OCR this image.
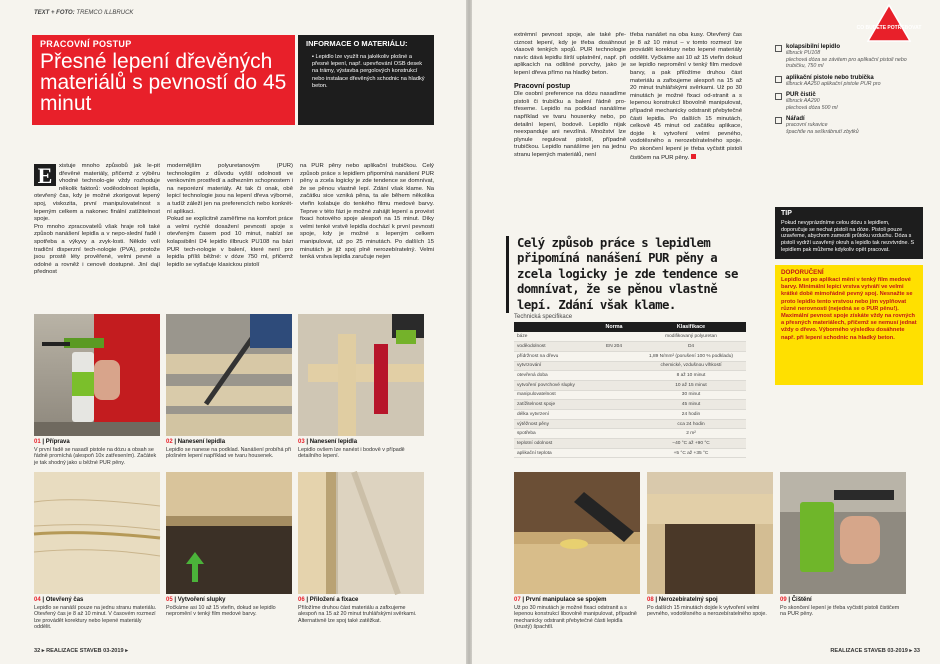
TEXT + FOTO: TREMCO ILLBRUCK
PRACOVNÍ POSTUP
Přesné lepení dřevěných materiálů s pevností do 45 minut
INFORMACE O MATERIÁLU:
▪ Lepidlo lze využít na jakékoliv plošné a přesné lepení, např. upevňování OSB desek na trámy, výstavba pergolových konstrukcí nebo instalace dřevěných schodnic na hladký beton.
E	xistuje mnoho způsobů jak le-pit dřevěné materiály, přičemž z výběru vhodné technolo-gie vždy rozhoduje několik faktorů: voděodolnost lepidla, otevřený čas, kdy je možné zkorigovat lepený spoj, viskozita, první manipulovatelnost s lepeným celkem a nakonec finální zatížitelnost spoje.
Pro mnoho zpracovatelů však hraje roli také způsob nanášení lepidla a v nepo-slední řadě i spotřeba a výkyvy a zvyk-losti. Někdo volí tradiční disperzní tech-nologie (PVA), protože jsou prostě léty prověřené, velmi pevné a odolné a rovněž i cenově dostupné. Jiní dají přednost
modernějším polyuretanovým (PUR) technologiím z důvodu vyšší odolnosti ve venkovním prostředí a adhezním schopnostem i na neporézní materiály. At tak či onak, obě lepicí technologie jsou na lepení dřeva výborné, a tudíž záleží jen na preferencích nebo konkrét-ní aplikaci.
Pokud se explicitně zaměříme na komfort práce a velmi rychlé dosažení pevnosti spoje s otevřeným časem pod 10 minut, nabízí se kolapsibilní D4 lepidlo illbruck PU108 na bázi PUR tech-nologie v balení, které není pro lepidla příliš běžné: v dóze 750 ml, přičemž lepidlo se vytlačuje klasickou pistolí
na PUR pěny nebo aplikační trubičkou. Celý způsob práce s lepidlem připomíná nanášení PUR pěny a zcela logicky je zde tendence se domnívat, že se pěnou vlastně lepí. Zdání však klame. Na začátku sice vzniká pěna, ta ale během několika vteřin kolabuje do tenkého filmu medové barvy. Teprve v této fázi je možné zahájit lepení a provést fixaci hotového spoje alespoň na 15 minut. Díky velmi tenké vrstvě lepidla dochází k první pevnosti spoje, kdy je možné s lepeným celkem manipulovat, už po 25 minutách. Po dalších 15 minutách je již spoj plně nerozebíratelný. Velmi tenká vrstva lepidla zaručuje nejen
01 | Příprava
V první řadě se nasadí pistole na dózu a obsah se řádně promíchá (alespoň 10x zatřesením). Začátek je tak shodný jako u běžné PUR pěny.
02 | Nanesení lepidla
Lepidlo se nanese na podklad. Nanášení probíhá při plošném lepení například ve tvaru housenek.
03 | Nanesení lepidla
Lepidlo ovšem lze nanést i bodově v případě detailního lepení.
04 | Otevřený čas
Lepidlo se nanáší pouze na jednu stranu materiálu. Otevřený čas je 8 až 10 minut. V časovém rozmezí lze provádět korektury nebo lepené materiály oddělit.
05 | Vytvoření slupky
Počkáme asi 10 až 15 vteřin, dokud se lepidlo nepromění v tenký film medové barvy.
06 | Přiložení a fixace
Přiložíme druhou část materiálu a zafixujeme alespoň na 15 až 20 minut truhlářskými svěrkami. Alternativně lze spoj také zatěžkat.
32 ▸ REALIZACE STAVEB 03-2019 ▸
extrémní pevnost spoje, ale také pře-ciznost lepení, kdy je třeba dosáhnout vlasově tenkých spojů. PUR technologie navíc dává lepidlu širší uplatnění, např. při aplikacích na odlišné porvchy, jako je lepení dřeva přímo na hladký beton.
Pracovní postup
Dle osobní preference na dózu nasadíme pistoli či trubičku a balení řádně pro-třeseme. Lepidlo na podklad nanášíme například ve tvaru housenky nebo, po detailní lepení, bodově. Lepidlo nijak neexpanduje ani nevzlíná. Množství lze plynule regulovat pistolí, případně trubičkou. Lepidlo nanášíme jen na jednu stranu lepených materiálů, není
třeba nanášet na oba kusy. Otevřený čas je 8 až 10 minut – v tomto rozmezí lze provádět korektury nebo lepené materiály oddělit. Vyčkáme asi 10 až 15 vteřin dokud se lepidlo nepromění v tenký film medové barvy, a pak přiložíme druhou část materiálu a zafixujeme alespoň na 15 až 20 minut truhlářskými svěrkami. Už po 30 minutách je možné fixaci od-stranit a s lepenou konstrukcí libovolně manipulovat, případně mechanicky odstranit přebytečné části lepidla. Po dalších 15 minutách, celkově 45 minut od začátku aplikace, dojde k vytvoření velmi pevného, vodotěsného a nerozebíratelného spoje. Po skončení lepení je třeba vyčistit pistoli čističem na PUR pěny.
Celý způsob práce s lepidlem připomíná nanášení PUR pěny a zcela logicky je zde tendence se domnívat, že se pěnou vlastně lepí. Zdání však klame.
Technická specifikace
	Norma	Klasifikace
báze		modifikovaný polyuretan
voděodolnost	EN 204	D4
přídržnost na dřevu		1,89 N/mm² (porušení 100 % podkladu)
vytvrzování		chemické, vzdušnou vlhkostí
otevřená doba		8 až 10 minut
vytvoření povrchové slupky		10 až 15 minut
manipulovatelnost		30 minut
zatížitelnost spoje		45 minut
délka vytvrzení		24 hodin
výtěžnost pěny		cca 24 hodin
spotřeba		2 m²
teplotní odolnost		−40 °C až +90 °C
aplikační teplota		+5 °C až +35 °C
CO BUDETE POTŘEBOVAT
kolapsibilní lepidlo
illbruck PU108
plechová dóza se závitem pro aplikační pistoli nebo trubičku, 750 ml
aplikační pistole nebo trubička
illbruck AA250 aplikační pistole PUR pro
PUR čistič
illbruck AA290
plechová dóza 500 ml
Nářadí
pracovní rukavice
špachtle na seškrábnutí zbytků
TIP
Pokud nevyprázdníme celou dózu s lepidlem, doporučuje se nechat pistoli na dóze. Pistoli pouze uzavřeme, abychom zamezili průtoku vzduchu. Dóza s pistolí vydrží uzavřený okruh a lepidlo tak nezvtvrdne. S lepidlem pak můžeme kdykoliv opět pracovat.
DOPORUČENÍ
Lepidlo se po aplikaci mění v tenký film medové barvy. Minimální lepicí vrstva vytváří ve velmi krátké době mimořádně pevný spoj. Nesnažte se proto lepidlo tento vrstvou nebo jím vyplňovat různé nerovnosti (nejedná se o PUR pěnu!). Maximální pevnost spoje získáte vždy na rovných a přesných materiálech, přičemž se nemusí jednat vždy o dřevo. Výborného výsledku dosáhnete např. při lepení schodnic na hladký beton.
07 | První manipulace se spojem
Už po 30 minutách je možné fixaci odstranit a s lepenou konstrukcí libovolně manipulovat, případně mechanicky odstranit přebytečné části lepidla (krustý) špachtlí.
08 | Nerozebíratelný spoj
Po dalších 15 minutách dojde k vytvoření velmi pevného, vodotěsného a nerozebíratelného spoje.
09 | Čištění
Po skončení lepení je třeba vyčistit pistoli čističem na PUR pěny.
REALIZACE STAVEB 03-2019 ▸ 33
